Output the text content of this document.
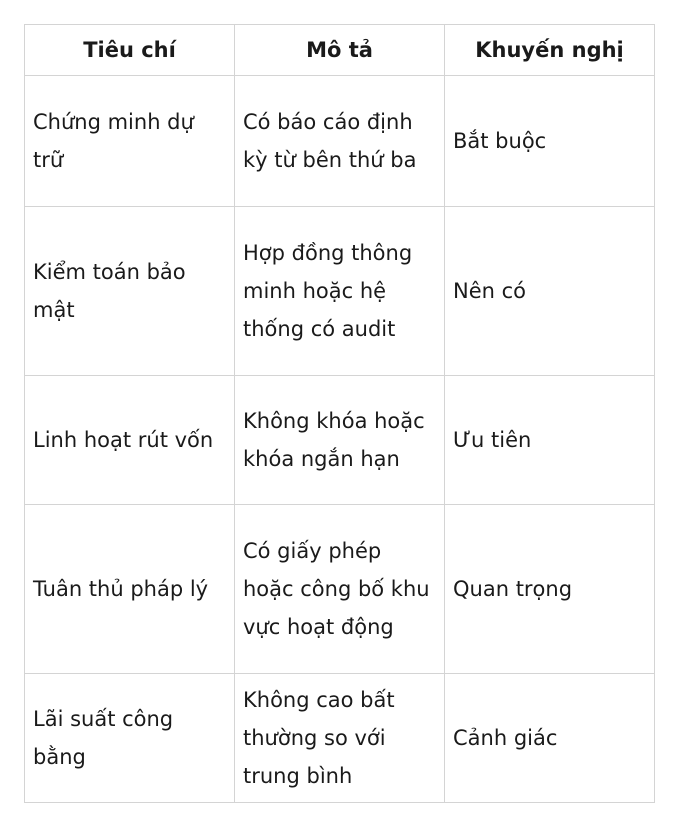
Tiêu chí	Mô tả	Khuyến nghị
Chứng minh dự trữ	Có báo cáo định kỳ từ bên thứ ba	Bắt buộc
Kiểm toán bảo mật	Hợp đồng thông minh hoặc hệ thống có audit	Nên có
Linh hoạt rút vốn	Không khóa hoặc khóa ngắn hạn	Ưu tiên
Tuân thủ pháp lý	Có giấy phép hoặc công bố khu vực hoạt động	Quan trọng
Lãi suất công bằng	Không cao bất thường so với trung bình	Cảnh giác
